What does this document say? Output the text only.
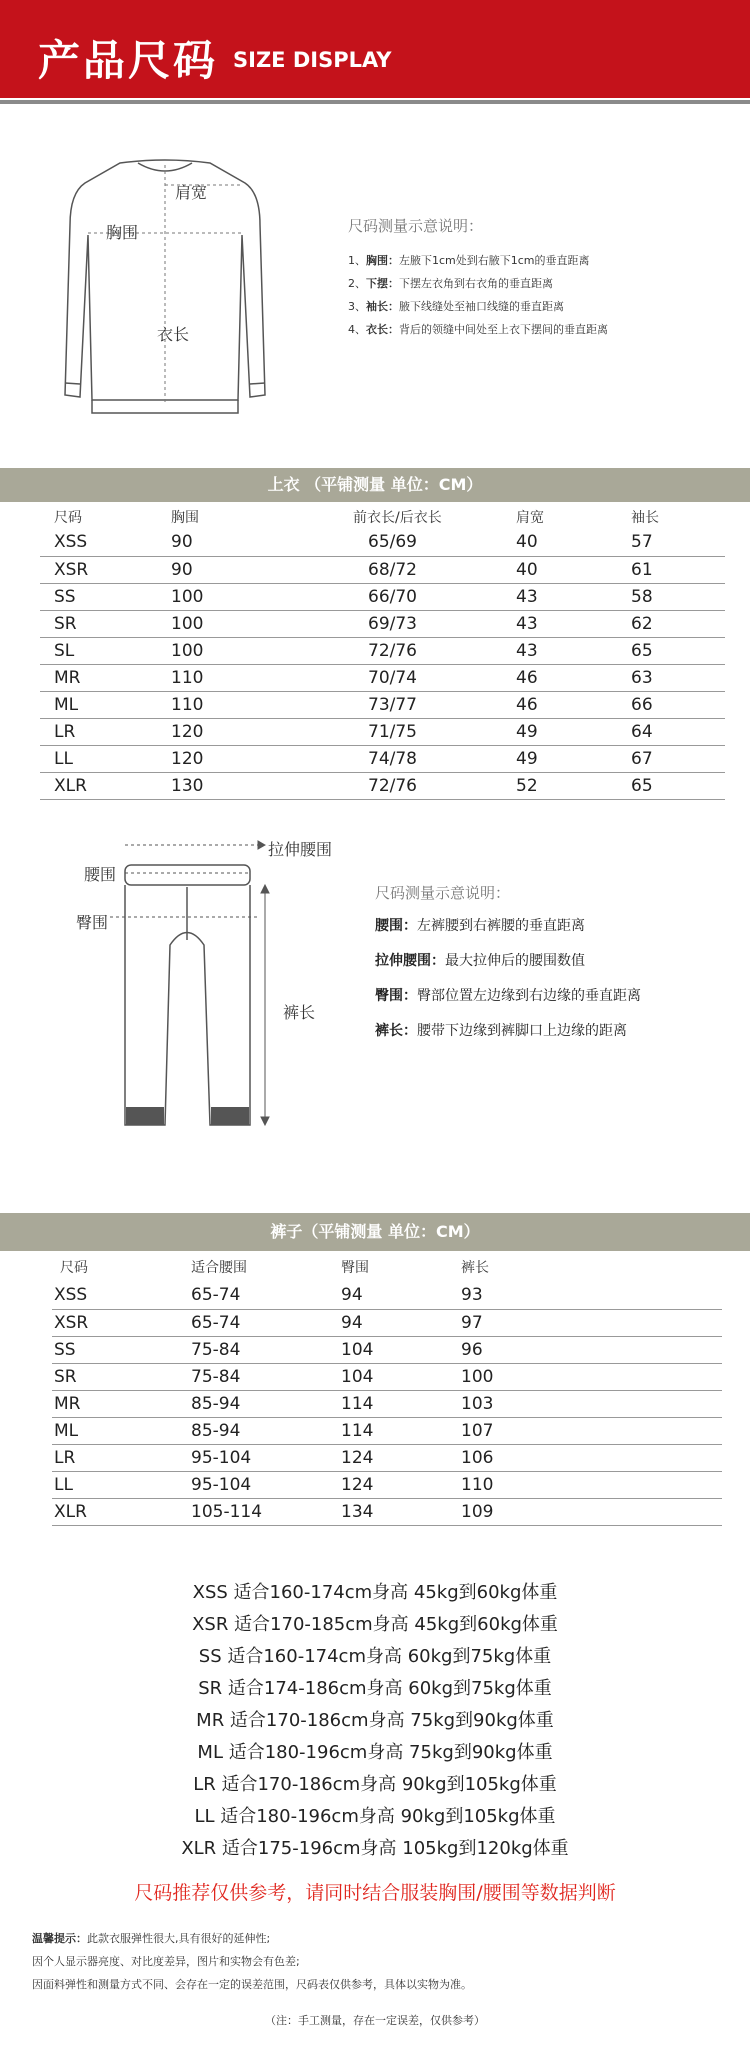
产品尺码 SIZE DISPLAY
肩宽
胸围
衣长
尺码测量示意说明：
1、胸围：左腋下1cm处到右腋下1cm的垂直距离
2、下摆：下摆左衣角到右衣角的垂直距离
3、袖长：腋下线缝处至袖口线缝的垂直距离
4、衣长：背后的领缝中间处至上衣下摆间的垂直距离
上衣 （平铺测量 单位：CM）
尺码	胸围	前衣长/后衣长	肩宽	袖长
XSS	90	65/69	40	57
XSR	90	68/72	40	61
SS	100	66/70	43	58
SR	100	69/73	43	62
SL	100	72/76	43	65
MR	110	70/74	46	63
ML	110	73/77	46	66
LR	120	71/75	49	64
LL	120	74/78	49	67
XLR	130	72/76	52	65
拉伸腰围
腰围
臀围
裤长
尺码测量示意说明：
腰围：左裤腰到右裤腰的垂直距离
拉伸腰围：最大拉伸后的腰围数值
臀围：臀部位置左边缘到右边缘的垂直距离
裤长：腰带下边缘到裤脚口上边缘的距离
裤子（平铺测量 单位：CM）
尺码	适合腰围	臀围	裤长
XSS	65-74	94	93
XSR	65-74	94	97
SS	75-84	104	96
SR	75-84	104	100
MR	85-94	114	103
ML	85-94	114	107
LR	95-104	124	106
LL	95-104	124	110
XLR	105-114	134	109
XSS 适合160-174cm身高 45kg到60kg体重
XSR 适合170-185cm身高 45kg到60kg体重
SS 适合160-174cm身高 60kg到75kg体重
SR 适合174-186cm身高 60kg到75kg体重
MR 适合170-186cm身高 75kg到90kg体重
ML 适合180-196cm身高 75kg到90kg体重
LR 适合170-186cm身高 90kg到105kg体重
LL 适合180-196cm身高 90kg到105kg体重
XLR 适合175-196cm身高 105kg到120kg体重
尺码推荐仅供参考，请同时结合服装胸围/腰围等数据判断
温馨提示：此款衣服弹性很大,具有很好的延伸性;
因个人显示器亮度、对比度差异，图片和实物会有色差;
因面料弹性和测量方式不同、会存在一定的误差范围，尺码表仅供参考，具体以实物为准。
（注：手工测量，存在一定误差，仅供参考）
